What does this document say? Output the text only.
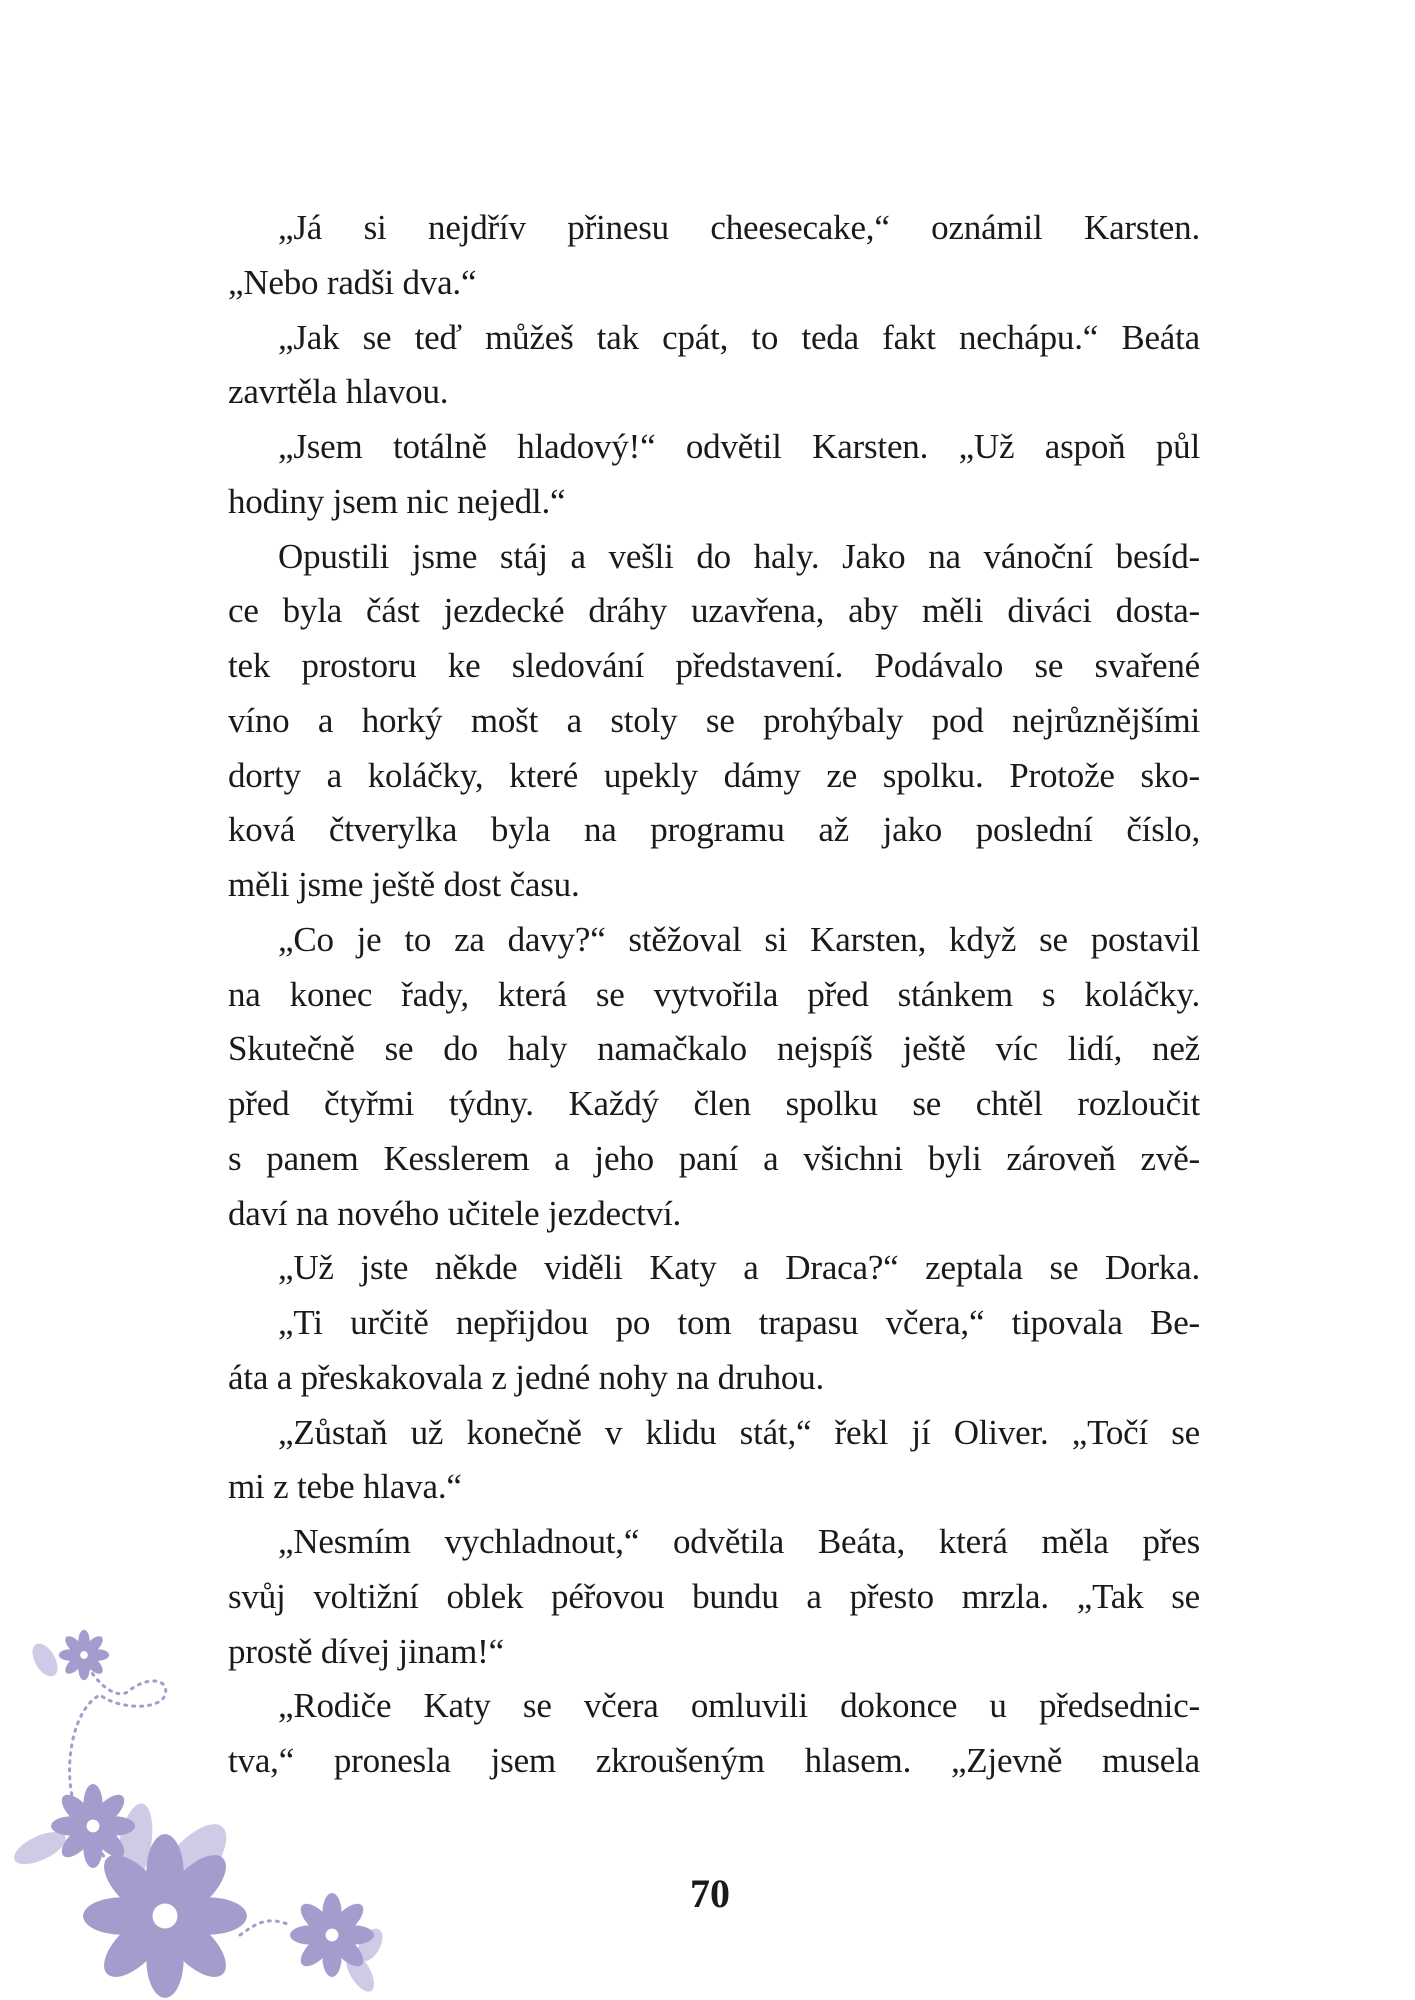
„Já si nejdřív přinesu cheesecake,“ oznámil Karsten.
„Nebo radši dva.“
„Jak se teď můžeš tak cpát, to teda fakt nechápu.“ Beáta
zavrtěla hlavou.
„Jsem totálně hladový!“ odvětil Karsten. „Už aspoň půl
hodiny jsem nic nejedl.“
Opustili jsme stáj a vešli do haly. Jako na vánoční besíd-
ce byla část jezdecké dráhy uzavřena, aby měli diváci dosta-
tek prostoru ke sledování představení. Podávalo se svařené
víno a horký mošt a stoly se prohýbaly pod nejrůznějšími
dorty a koláčky, které upekly dámy ze spolku. Protože sko-
ková čtverylka byla na programu až jako poslední číslo,
měli jsme ještě dost času.
„Co je to za davy?“ stěžoval si Karsten, když se postavil
na konec řady, která se vytvořila před stánkem s koláčky.
Skutečně se do haly namačkalo nejspíš ještě víc lidí, než
před čtyřmi týdny. Každý člen spolku se chtěl rozloučit
s panem Kesslerem a jeho paní a všichni byli zároveň zvě-
daví na nového učitele jezdectví.
„Už jste někde viděli Katy a Draca?“ zeptala se Dorka.
„Ti určitě nepřijdou po tom trapasu včera,“ tipovala Be-
áta a přeskakovala z jedné nohy na druhou.
„Zůstaň už konečně v klidu stát,“ řekl jí Oliver. „Točí se
mi z tebe hlava.“
„Nesmím vychladnout,“ odvětila Beáta, která měla přes
svůj voltižní oblek péřovou bundu a přesto mrzla. „Tak se
prostě dívej jinam!“
„Rodiče Katy se včera omluvili dokonce u předsednic-
tva,“ pronesla jsem zkroušeným hlasem. „Zjevně musela
70
